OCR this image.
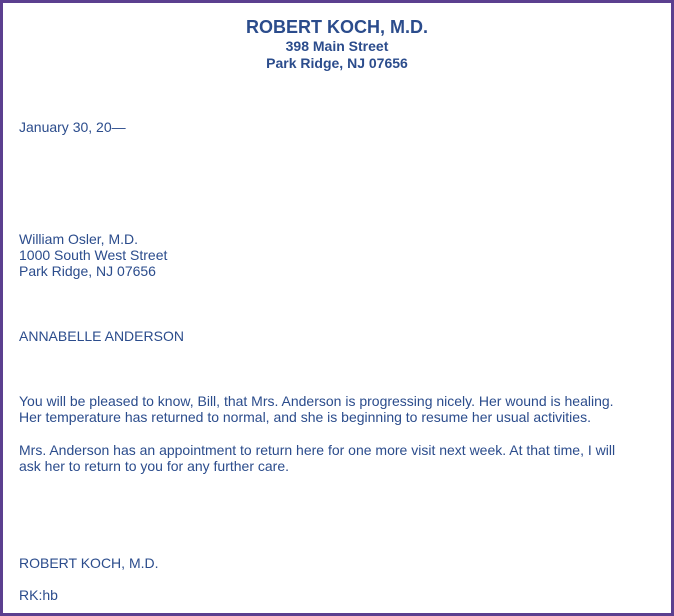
ROBERT KOCH, M.D.
398 Main Street
Park Ridge, NJ 07656
January 30, 20—
William Osler, M.D.
1000 South West Street
Park Ridge, NJ 07656
ANNABELLE ANDERSON
You will be pleased to know, Bill, that Mrs. Anderson is progressing nicely. Her wound is healing.
Her temperature has returned to normal, and she is beginning to resume her usual activities.
Mrs. Anderson has an appointment to return here for one more visit next week. At that time, I will
ask her to return to you for any further care.
ROBERT KOCH, M.D.
RK:hb
